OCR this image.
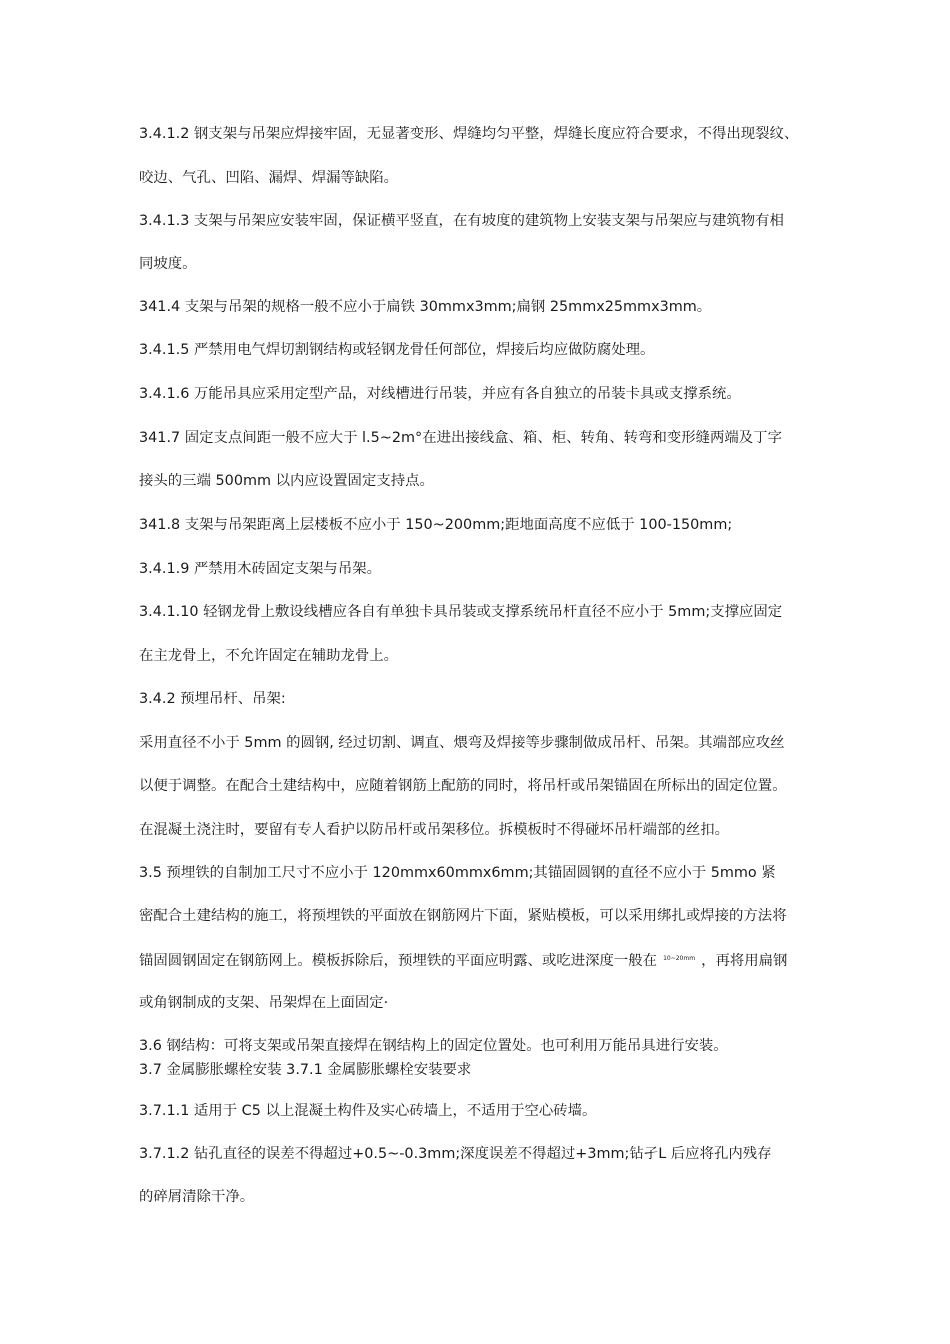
3.4.1.2 钢支架与吊架应焊接牢固，无显著变形、焊缝均匀平整，焊缝长度应符合要求，不得出现裂纹、
咬边、气孔、凹陷、漏焊、焊漏等缺陷。
3.4.1.3 支架与吊架应安装牢固，保证横平竖直，在有坡度的建筑物上安装支架与吊架应与建筑物有相
同坡度。
341.4 支架与吊架的规格一般不应小于扁铁 30mmx3mm;扁钢 25mmx25mmx3mm。
3.4.1.5 严禁用电气焊切割钢结构或轻钢龙骨任何部位，焊接后均应做防腐处理。
3.4.1.6 万能吊具应采用定型产品，对线槽进行吊装，并应有各自独立的吊装卡具或支撑系统。
341.7 固定支点间距一般不应大于 l.5~2m°在进出接线盒、箱、柜、转角、转弯和变形缝两端及丁字
接头的三端 500mm 以内应设置固定支持点。
341.8 支架与吊架距离上层楼板不应小于 150~200mm;距地面高度不应低于 100-150mm;
3.4.1.9 严禁用木砖固定支架与吊架。
3.4.1.10 轻钢龙骨上敷设线槽应各自有单独卡具吊装或支撑系统吊杆直径不应小于 5mm;支撑应固定
在主龙骨上，不允许固定在辅助龙骨上。
3.4.2 预埋吊杆、吊架:
采用直径不小于 5mm 的圆钢, 经过切割、调直、煨弯及焊接等步骤制做成吊杆、吊架。其端部应攻丝
以便于调整。在配合土建结构中，应随着钢筋上配筋的同时，将吊杆或吊架锚固在所标出的固定位置。
在混凝土浇注时，要留有专人看护以防吊杆或吊架移位。拆模板时不得碰坏吊杆端部的丝扣。
3.5 预埋铁的自制加工尺寸不应小于 120mmx60mmx6mm;其锚固圆钢的直径不应小于 5mmo 紧
密配合土建结构的施工，将预埋铁的平面放在钢筋网片下面，紧贴模板，可以采用绑扎或焊接的方法将
锚固圆钢固定在钢筋网上。模板拆除后，预埋铁的平面应明露、或吃进深度一般在 $^{10\sim 20mm}$ ，再将用扁钢
或角钢制成的支架、吊架焊在上面固定·
3.6 钢结构：可将支架或吊架直接焊在钢结构上的固定位置处。也可利用万能吊具进行安装。
3.7 金属膨胀螺栓安装 3.7.1 金属膨胀螺栓安装要求
3.7.1.1 适用于 C5 以上混凝土构件及实心砖墙上，不适用于空心砖墙。
3.7.1.2 钻孔直径的误差不得超过+0.5~-0.3mm;深度误差不得超过+3mm;钻孑L 后应将孔内残存
的碎屑清除干净。
